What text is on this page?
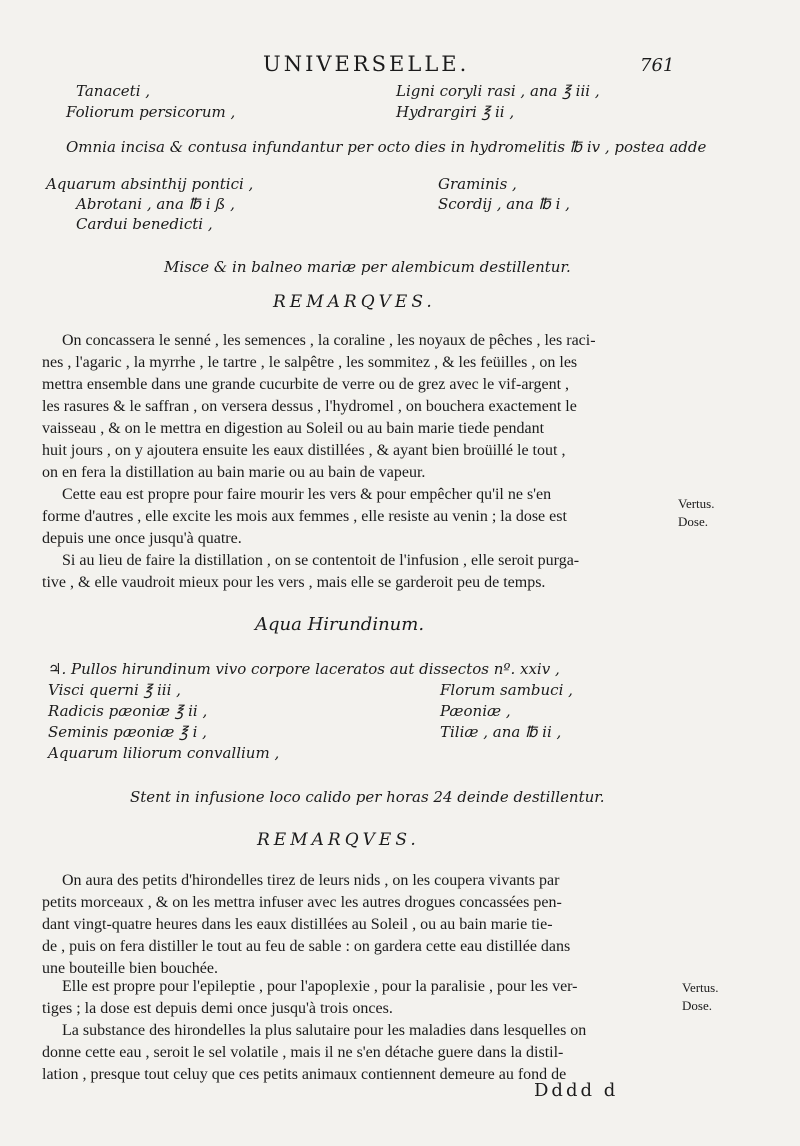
UNIVERSELLE.	761
Tanaceti ,
Foliorum persicorum ,
Ligni coryli rasi , ana ℥ iii ,
Hydrargiri ℥ ii ,
Omnia incisa & contusa infundantur per octo dies in hydromelitis ℔ iv , postea adde
Aquarum absinthij pontici ,
Abrotani , ana ℔ i ß ,
Cardui benedicti ,
Graminis ,
Scordij , ana ℔ i ,
Misce & in balneo mariæ per alembicum destillentur.
REMARQVES.
On concassera le senné , les semences , la coraline , les noyaux de pêches , les raci-
nes , l'agaric , la myrrhe , le tartre , le salpêtre , les sommitez , & les feüilles , on les
mettra ensemble dans une grande cucurbite de verre ou de grez avec le vif-argent ,
les rasures & le saffran , on versera dessus , l'hydromel , on bouchera exactement le
vaisseau , & on le mettra en digestion au Soleil ou au bain marie tiede pendant
huit jours , on y ajoutera ensuite les eaux distillées , & ayant bien broüillé le tout ,
on en fera la distillation au bain marie ou au bain de vapeur.
Cette eau est propre pour faire mourir les vers & pour empêcher qu'il ne s'en
forme d'autres , elle excite les mois aux femmes , elle resiste au venin ; la dose est
depuis une once jusqu'à quatre.
Vertus.
Dose.
Si au lieu de faire la distillation , on se contentoit de l'infusion , elle seroit purga-
tive , & elle vaudroit mieux pour les vers , mais elle se garderoit peu de temps.
Aqua Hirundinum.
♃. Pullos hirundinum vivo corpore laceratos aut dissectos nº. xxiv ,
Visci querni ℥ iii ,
Radicis pæoniæ ℥ ii ,
Seminis pæoniæ ℥ i ,
Aquarum liliorum convallium ,
Florum sambuci ,
Pæoniæ ,
Tiliæ , ana ℔ ii ,
Stent in infusione loco calido per horas 24 deinde destillentur.
REMARQVES.
On aura des petits d'hirondelles tirez de leurs nids , on les coupera vivants par
petits morceaux , & on les mettra infuser avec les autres drogues concassées pen-
dant vingt-quatre heures dans les eaux distillées au Soleil , ou au bain marie tie-
de , puis on fera distiller le tout au feu de sable : on gardera cette eau distillée dans
une bouteille bien bouchée.
Elle est propre pour l'epileptie , pour l'apoplexie , pour la paralisie , pour les ver-
tiges ; la dose est depuis demi once jusqu'à trois onces.
Vertus.
Dose.
La substance des hirondelles la plus salutaire pour les maladies dans lesquelles on
donne cette eau , seroit le sel volatile , mais il ne s'en détache guere dans la distil-
lation , presque tout celuy que ces petits animaux contiennent demeure au fond de
Dddd d
